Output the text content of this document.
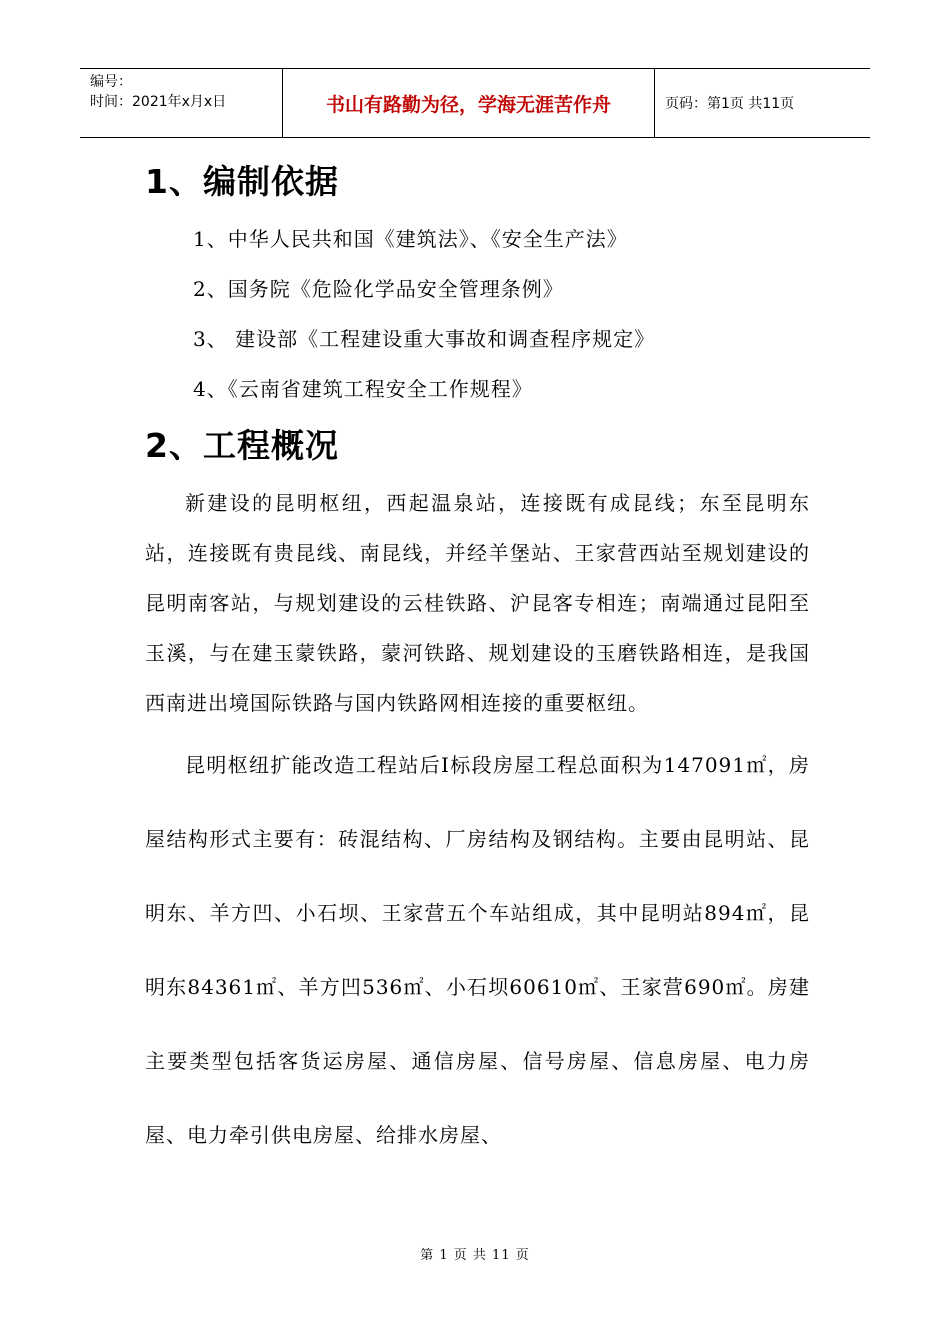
编号：
时间：2021年x月x日	书山有路勤为径，学海无涯苦作舟	页码：第1页 共11页
1、编制依据
1、中华人民共和国《建筑法》、《安全生产法》
2、国务院《危险化学品安全管理条例》
3、 建设部《工程建设重大事故和调查程序规定》
4、《云南省建筑工程安全工作规程》
2、工程概况

新建设的昆明枢纽，西起温泉站，连接既有成昆线；东至昆明东站，连接既有贵昆线、南昆线，并经羊堡站、王家营西站至规划建设的昆明南客站，与规划建设的云桂铁路、沪昆客专相连；南端通过昆阳至玉溪，与在建玉蒙铁路，蒙河铁路、规划建设的玉磨铁路相连，是我国西南进出境国际铁路与国内铁路网相连接的重要枢纽。

昆明枢纽扩能改造工程站后Ⅰ标段房屋工程总面积为147091㎡，房屋结构形式主要有：砖混结构、厂房结构及钢结构。主要由昆明站、昆明东、羊方凹、小石坝、王家营五个车站组成，其中昆明站894㎡，昆明东84361㎡、羊方凹536㎡、小石坝60610㎡、王家营690㎡。房建主要类型包括客货运房屋、通信房屋、信号房屋、信息房屋、电力房屋、电力牵引供电房屋、给排水房屋、

第 1 页 共 11 页
